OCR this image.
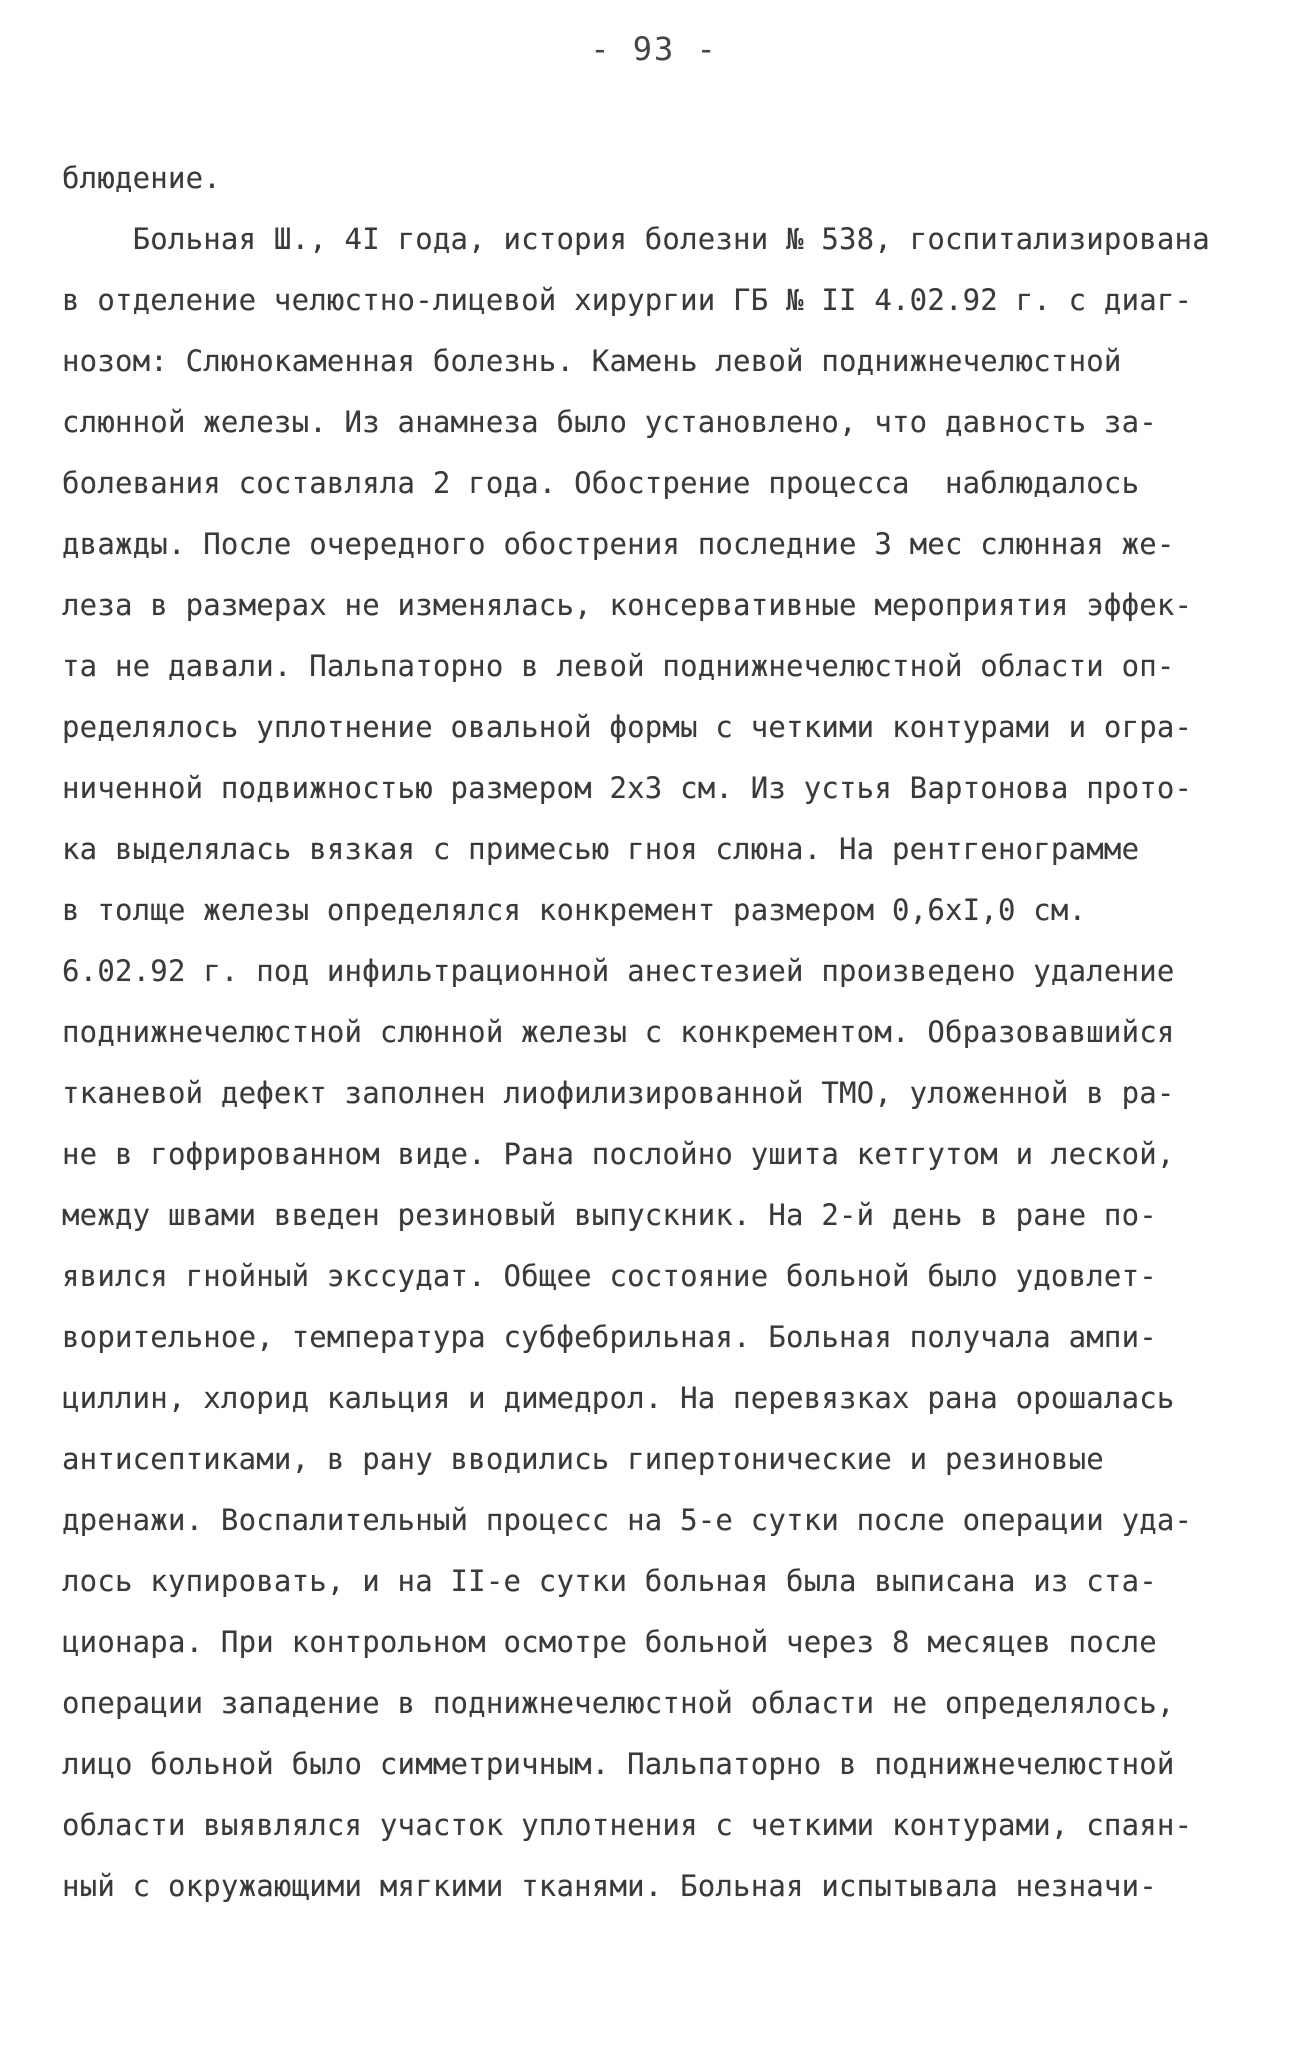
- 93 -
блюдение.
Больная Ш., 4I года, история болезни № 538, госпитализирована
в отделение челюстно-лицевой хирургии ГБ № II 4.02.92 г. с диаг-
нозом: Слюнокаменная болезнь. Камень левой поднижнечелюстной
слюнной железы. Из анамнеза было установлено, что давность за-
болевания составляла 2 года. Обострение процесса  наблюдалось
дважды. После очередного обострения последние 3 мес слюнная же-
леза в размерах не изменялась, консервативные мероприятия эффек-
та не давали. Пальпаторно в левой поднижнечелюстной области оп-
ределялось уплотнение овальной формы с четкими контурами и огра-
ниченной подвижностью размером 2х3 см. Из устья Вартонова прото-
ка выделялась вязкая с примесью гноя слюна. На рентгенограмме
в толще железы определялся конкремент размером 0,6хI,0 см.
6.02.92 г. под инфильтрационной анестезией произведено удаление
поднижнечелюстной слюнной железы с конкрементом. Образовавшийся
тканевой дефект заполнен лиофилизированной ТМО, уложенной в ра-
не в гофрированном виде. Рана послойно ушита кетгутом и леской,
между швами введен резиновый выпускник. На 2-й день в ране по-
явился гнойный экссудат. Общее состояние больной было удовлет-
ворительное, температура субфебрильная. Больная получала ампи-
циллин, хлорид кальция и димедрол. На перевязках рана орошалась
антисептиками, в рану вводились гипертонические и резиновые
дренажи. Воспалительный процесс на 5-е сутки после операции уда-
лось купировать, и на II-е сутки больная была выписана из ста-
ционара. При контрольном осмотре больной через 8 месяцев после
операции западение в поднижнечелюстной области не определялось,
лицо больной было симметричным. Пальпаторно в поднижнечелюстной
области выявлялся участок уплотнения с четкими контурами, спаян-
ный с окружающими мягкими тканями. Больная испытывала незначи-
